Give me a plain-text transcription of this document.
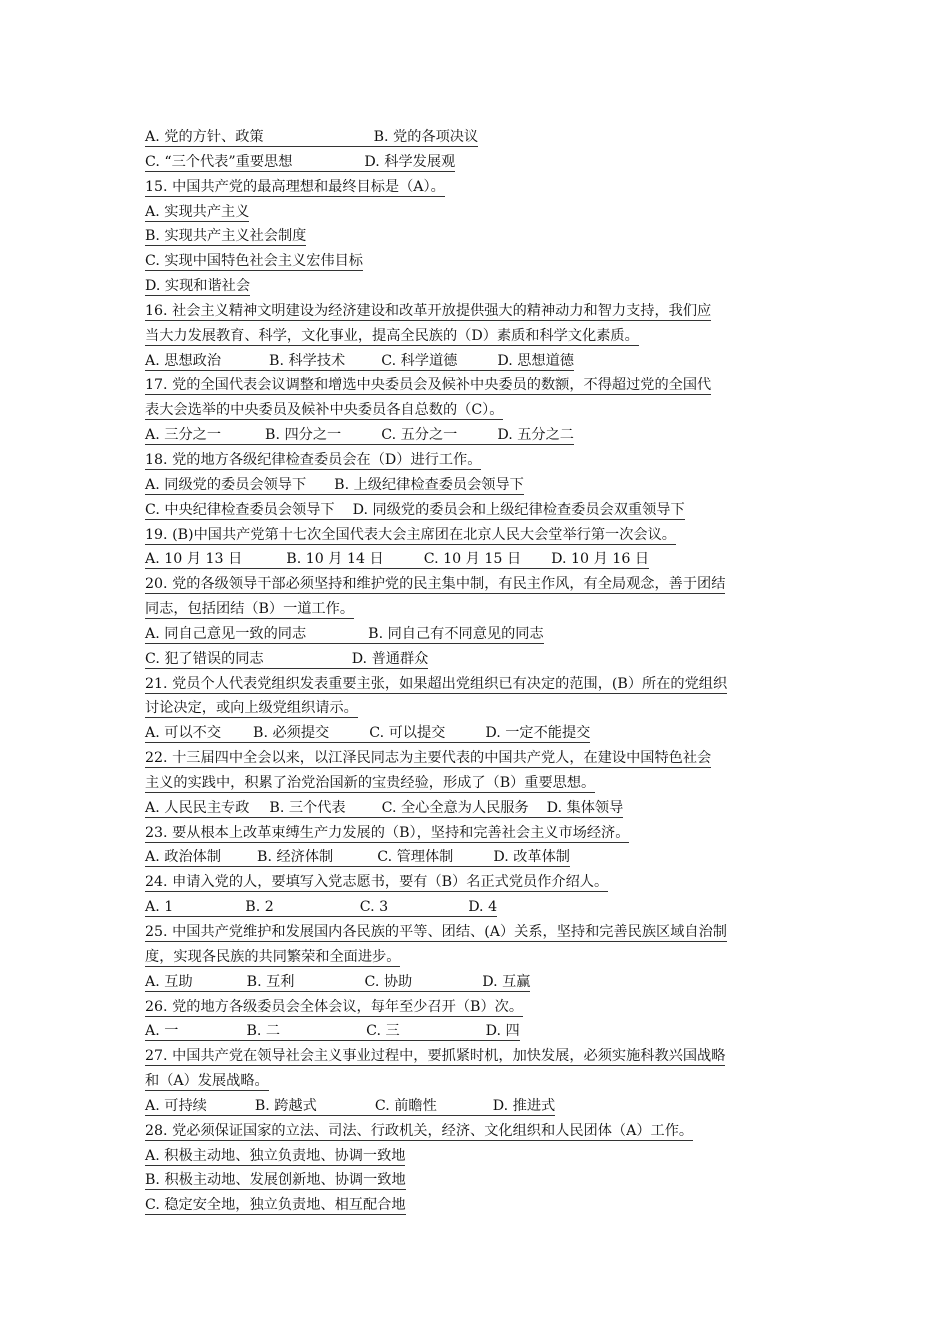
A. 党的方针、政策	B. 党的各项决议
C. “三个代表”重要思想	D. 科学发展观
15. 中国共产党的最高理想和最终目标是（A）。
A. 实现共产主义
B. 实现共产主义社会制度
C. 实现中国特色社会主义宏伟目标
D. 实现和谐社会
16. 社会主义精神文明建设为经济建设和改革开放提供强大的精神动力和智力支持，我们应
当大力发展教育、科学，文化事业，提高全民族的（D）素质和科学文化素质。
A. 思想政治	B. 科学技术	C. 科学道德	D. 思想道德
17. 党的全国代表会议调整和增选中央委员会及候补中央委员的数额，不得超过党的全国代
表大会选举的中央委员及候补中央委员各自总数的（C）。
A. 三分之一	B. 四分之一	C. 五分之一	D. 五分之二
18. 党的地方各级纪律检查委员会在（D）进行工作。
A. 同级党的委员会领导下 B. 上级纪律检查委员会领导下
C. 中央纪律检查委员会领导下 D. 同级党的委员会和上级纪律检查委员会双重领导下
19. (B)中国共产党第十七次全国代表大会主席团在北京人民大会堂举行第一次会议。
A. 10 月 13 日	B. 10 月 14 日	C. 10 月 15 日 D. 10 月 16 日
20. 党的各级领导干部必须坚持和维护党的民主集中制，有民主作风，有全局观念，善于团结
同志，包括团结（B）一道工作。
A. 同自己意见一致的同志	B. 同自己有不同意见的同志
C. 犯了错误的同志	D. 普通群众
21. 党员个人代表党组织发表重要主张，如果超出党组织已有决定的范围，(B）所在的党组织
讨论决定，或向上级党组织请示。
A. 可以不交 B. 必须提交	C. 可以提交	D. 一定不能提交
22. 十三届四中全会以来，以江泽民同志为主要代表的中国共产党人，在建设中国特色社会
主义的实践中，积累了治党治国新的宝贵经验，形成了（B）重要思想。
A. 人民民主专政 B. 三个代表	C. 全心全意为人民服务 D. 集体领导
23. 要从根本上改革束缚生产力发展的（B），坚持和完善社会主义市场经济。
A. 政治体制	B. 经济体制	C. 管理体制	D. 改革体制
24. 申请入党的人，要填写入党志愿书，要有（B）名正式党员作介绍人。
A. 1	B. 2	C. 3	D. 4
25. 中国共产党维护和发展国内各民族的平等、团结、(A）关系，坚持和完善民族区域自治制
度，实现各民族的共同繁荣和全面进步。
A. 互助	B. 互利	C. 协助	D. 互赢
26. 党的地方各级委员会全体会议，每年至少召开（B）次。
A. 一	B. 二	C. 三	D. 四
27. 中国共产党在领导社会主义事业过程中，要抓紧时机，加快发展，必须实施科教兴国战略
和（A）发展战略。
A. 可持续	B. 跨越式	C. 前瞻性	D. 推进式
28. 党必须保证国家的立法、司法、行政机关，经济、文化组织和人民团体（A）工作。
A. 积极主动地、独立负责地、协调一致地
B. 积极主动地、发展创新地、协调一致地
C. 稳定安全地，独立负责地、相互配合地
